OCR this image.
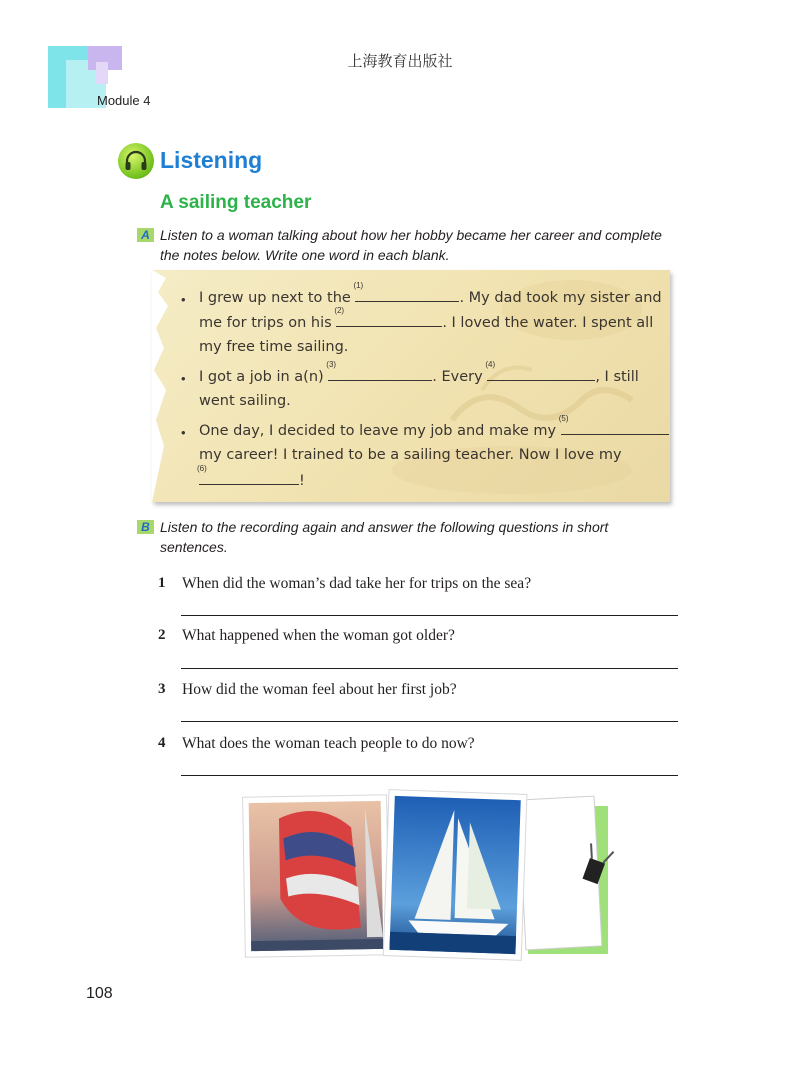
上海教育出版社
Module 4
Listening
A sailing teacher
A Listen to a woman talking about how her hobby became her career and complete
the notes below. Write one word in each blank.
• I grew up next to the
(1)
. My dad took my sister and
me for trips on his
(2)
. I loved the water. I spent all
my free time sailing.
• I got a job in a(n)
(3)
. Every
(4)
, I still
went sailing.
• One day, I decided to leave my job and make my
(5)
my career! I trained to be a sailing teacher. Now I love my
(6)
!
B Listen to the recording again and answer the following questions in short
sentences.
1 When did the woman’s dad take her for trips on the sea?
2 What happened when the woman got older?
3 How did the woman feel about her first job?
4 What does the woman teach people to do now?
108
